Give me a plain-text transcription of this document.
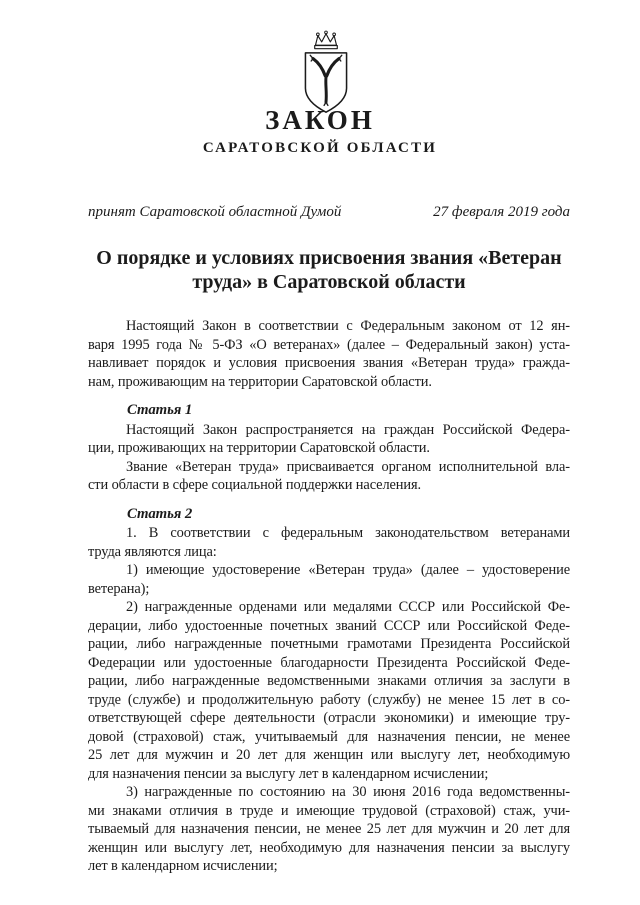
ЗАКОН
САРАТОВСКОЙ ОБЛАСТИ
принят Саратовской областной Думой	27 февраля 2019 года
О порядке и условиях присвоения звания «Ветеран
труда» в Саратовской области
Настоящий Закон в соответствии с Федеральным законом от 12 ян-
варя 1995 года № 5-ФЗ «О ветеранах» (далее – Федеральный закон) уста-
навливает порядок и условия присвоения звания «Ветеран труда» гражда-
нам, проживающим на территории Саратовской области.
Статья 1
Настоящий Закон распространяется на граждан Российской Федера-
ции, проживающих на территории Саратовской области.
Звание «Ветеран труда» присваивается органом исполнительной вла-
сти области в сфере социальной поддержки населения.
Статья 2
1. В соответствии с федеральным законодательством ветеранами
труда являются лица:
1) имеющие удостоверение «Ветеран труда» (далее – удостоверение
ветерана);
2) награжденные орденами или медалями СССР или Российской Фе-
дерации, либо удостоенные почетных званий СССР или Российской Феде-
рации, либо награжденные почетными грамотами Президента Российской
Федерации или удостоенные благодарности Президента Российской Феде-
рации, либо награжденные ведомственными знаками отличия за заслуги в
труде (службе) и продолжительную работу (службу) не менее 15 лет в со-
ответствующей сфере деятельности (отрасли экономики) и имеющие тру-
довой (страховой) стаж, учитываемый для назначения пенсии, не менее
25 лет для мужчин и 20 лет для женщин или выслугу лет, необходимую
для назначения пенсии за выслугу лет в календарном исчислении;
3) награжденные по состоянию на 30 июня 2016 года ведомственны-
ми знаками отличия в труде и имеющие трудовой (страховой) стаж, учи-
тываемый для назначения пенсии, не менее 25 лет для мужчин и 20 лет для
женщин или выслугу лет, необходимую для назначения пенсии за выслугу
лет в календарном исчислении;
